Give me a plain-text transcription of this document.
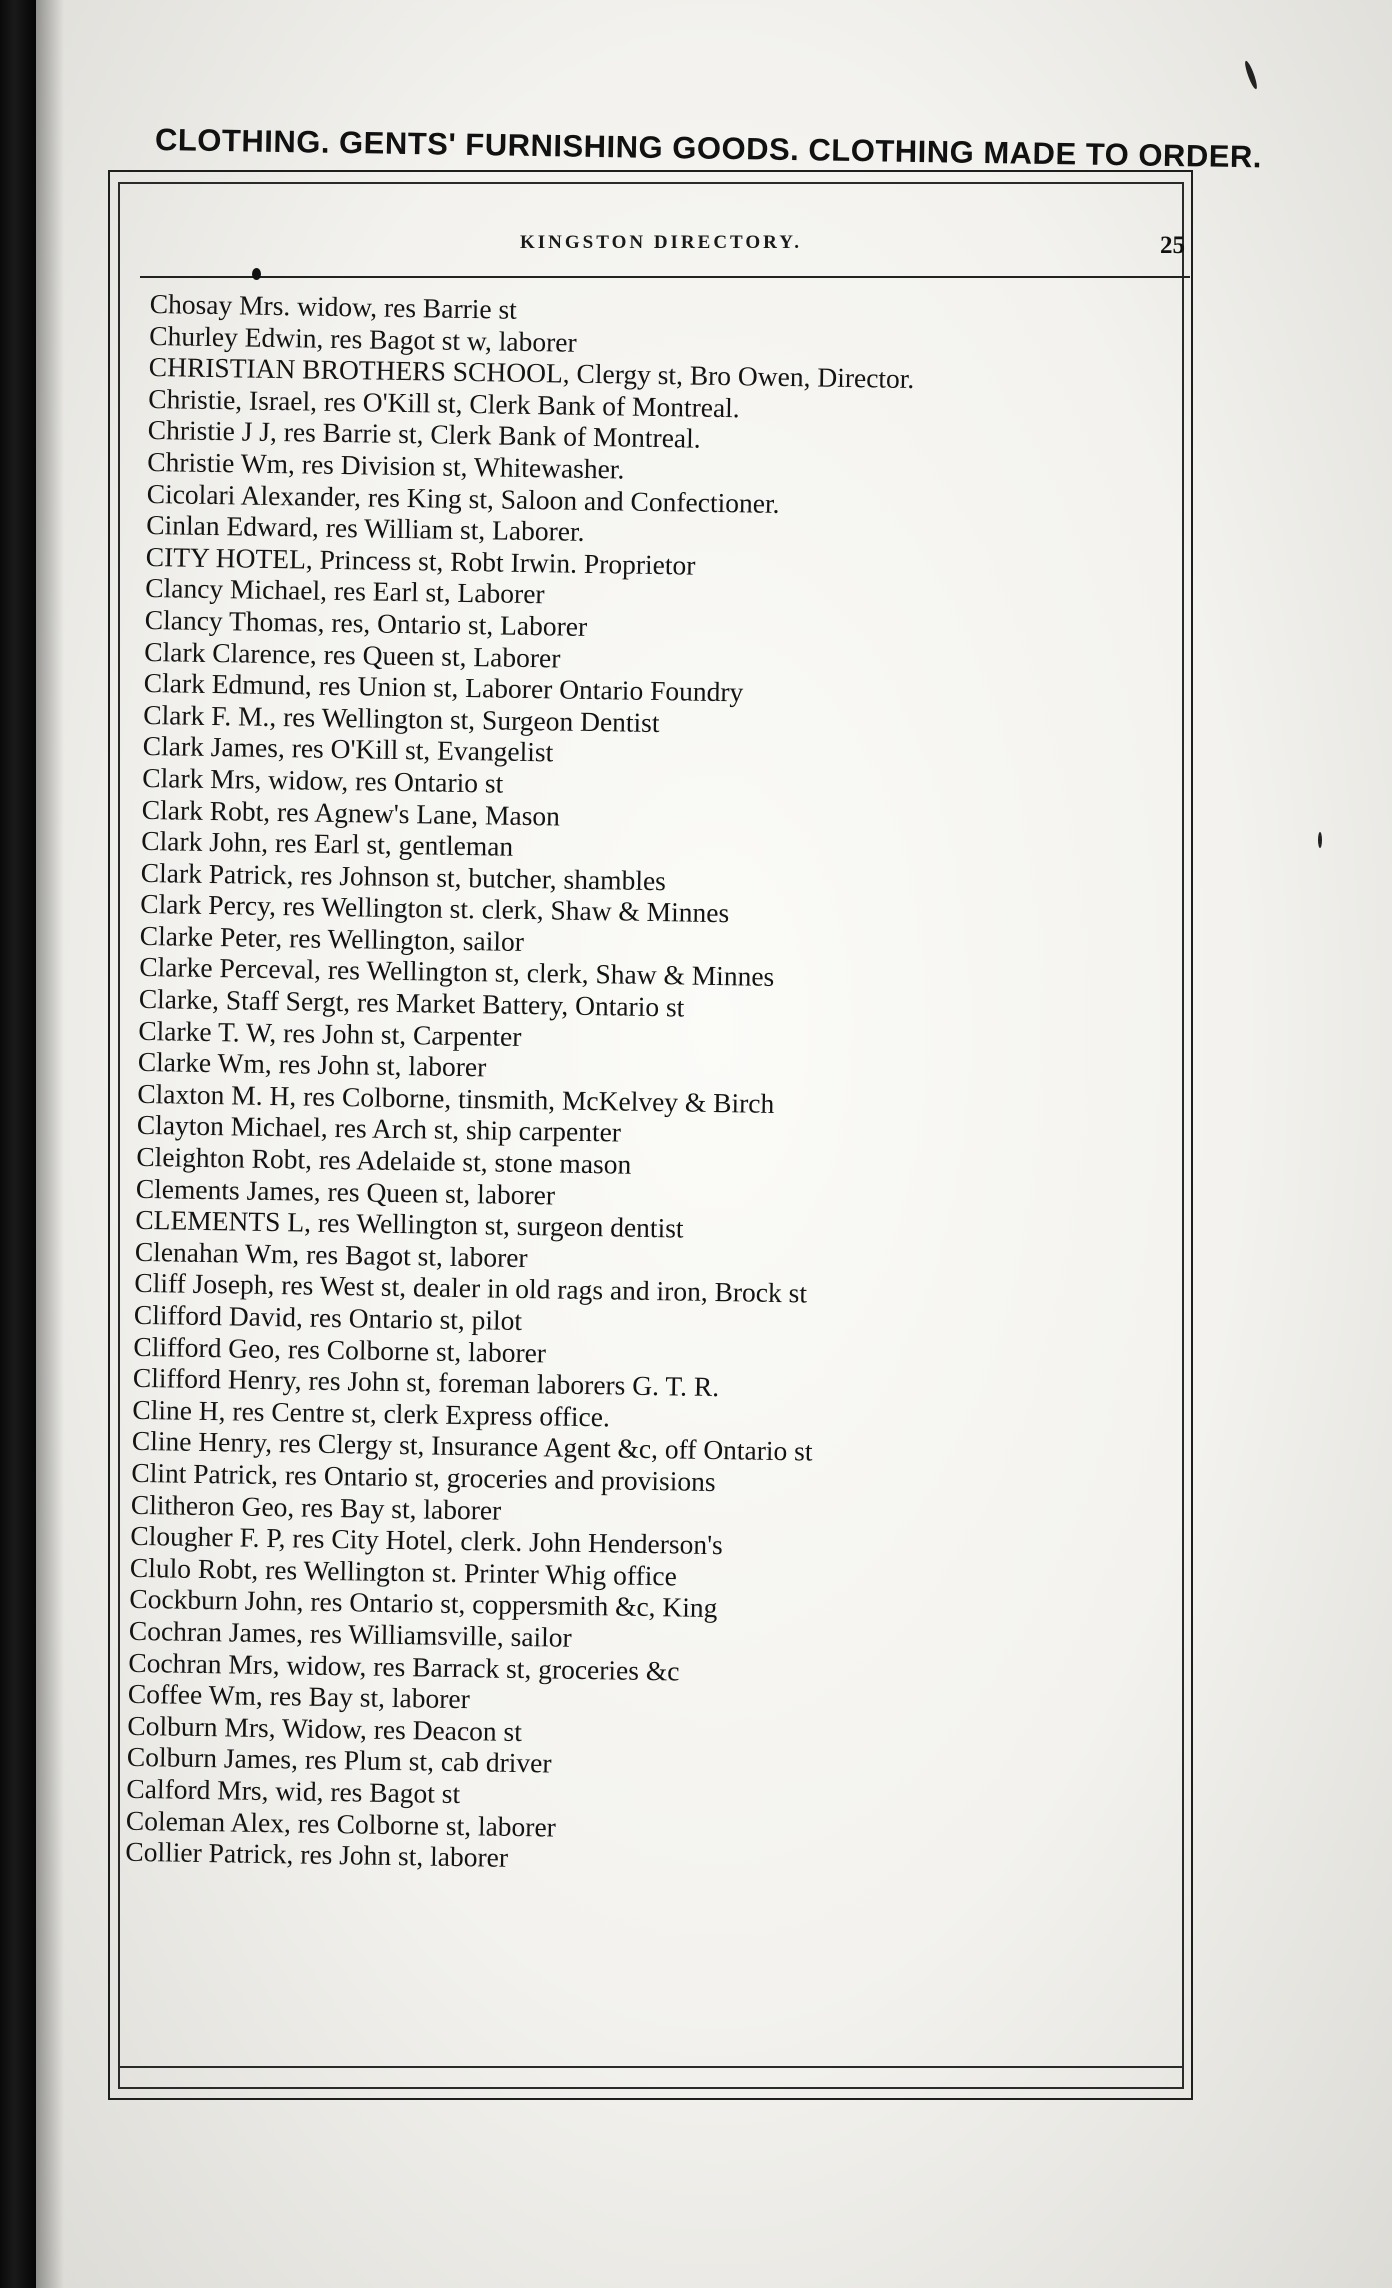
CLOTHING. GENTS' FURNISHING GOODS. CLOTHING MADE TO ORDER.
KINGSTON DIRECTORY.	25
Chosay Mrs. widow, res Barrie st
Churley Edwin, res Bagot st w, laborer
CHRISTIAN BROTHERS SCHOOL, Clergy st, Bro Owen, Director.
Christie, Israel, res O'Kill st, Clerk Bank of Montreal.
Christie J J, res Barrie st, Clerk Bank of Montreal.
Christie Wm, res Division st, Whitewasher.
Cicolari Alexander, res King st, Saloon and Confectioner.
Cinlan Edward, res William st, Laborer.
CITY HOTEL, Princess st, Robt Irwin. Proprietor
Clancy Michael, res Earl st, Laborer
Clancy Thomas, res, Ontario st, Laborer
Clark Clarence, res Queen st, Laborer
Clark Edmund, res Union st, Laborer Ontario Foundry
Clark F. M., res Wellington st, Surgeon Dentist
Clark James, res O'Kill st, Evangelist
Clark Mrs, widow, res Ontario st
Clark Robt, res Agnew's Lane, Mason
Clark John, res Earl st, gentleman
Clark Patrick, res Johnson st, butcher, shambles
Clark Percy, res Wellington st. clerk, Shaw & Minnes
Clarke Peter, res Wellington, sailor
Clarke Perceval, res Wellington st, clerk, Shaw & Minnes
Clarke, Staff Sergt, res Market Battery, Ontario st
Clarke T. W, res John st, Carpenter
Clarke Wm, res John st, laborer
Claxton M. H, res Colborne, tinsmith, McKelvey & Birch
Clayton Michael, res Arch st, ship carpenter
Cleighton Robt, res Adelaide st, stone mason
Clements James, res Queen st, laborer
CLEMENTS L, res Wellington st, surgeon dentist
Clenahan Wm, res Bagot st, laborer
Cliff Joseph, res West st, dealer in old rags and iron, Brock st
Clifford David, res Ontario st, pilot
Clifford Geo, res Colborne st, laborer
Clifford Henry, res John st, foreman laborers G. T. R.
Cline H, res Centre st, clerk Express office.
Cline Henry, res Clergy st, Insurance Agent &c, off Ontario st
Clint Patrick, res Ontario st, groceries and provisions
Clitheron Geo, res Bay st, laborer
Clougher F. P, res City Hotel, clerk. John Henderson's
Clulo Robt, res Wellington st. Printer Whig office
Cockburn John, res Ontario st, coppersmith &c, King
Cochran James, res Williamsville, sailor
Cochran Mrs, widow, res Barrack st, groceries &c
Coffee Wm, res Bay st, laborer
Colburn Mrs, Widow, res Deacon st
Colburn James, res Plum st, cab driver
Calford Mrs, wid, res Bagot st
Coleman Alex, res Colborne st, laborer
Collier Patrick, res John st, laborer
